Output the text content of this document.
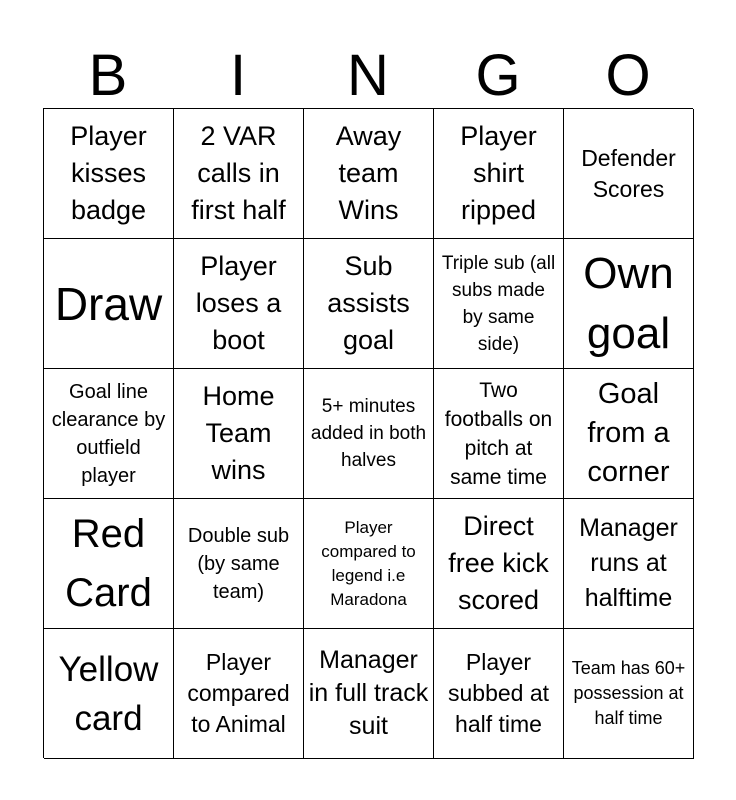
B	I	N	G	O
Player kisses badge
2 VAR calls in first half
Away team Wins
Player shirt ripped
Defender Scores
Draw
Player loses a boot
Sub assists goal
Triple sub (all subs made by same side)
Own goal
Goal line clearance by outfield player
Home Team wins
5+ minutes added in both halves
Two footballs on pitch at same time
Goal from a corner
Red Card
Double sub (by same team)
Player compared to legend i.e Maradona
Direct free kick scored
Manager runs at halftime
Yellow card
Player compared to Animal
Manager in full track suit
Player subbed at half time
Team has 60+ possession at half time
